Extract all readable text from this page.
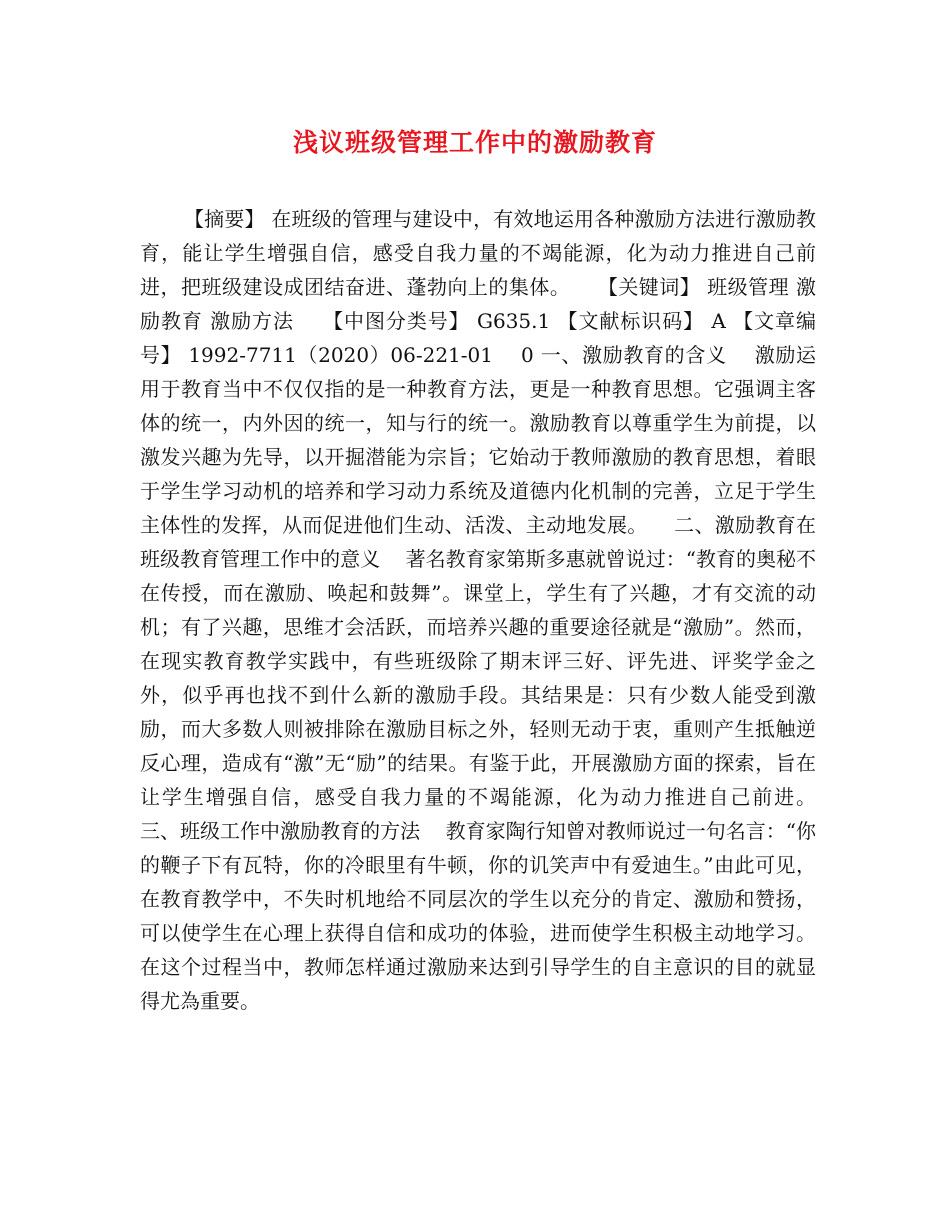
浅议班级管理工作中的激励教育

【摘要】 在班级的管理与建设中，有效地运用各种激励方法进行激励教育，能让学生增强自信，感受自我力量的不竭能源，化为动力推进自己前进，把班级建设成团结奋进、蓬勃向上的集体。    【关键词】 班级管理 激励教育 激励方法    【中图分类号】 G635.1 【文献标识码】 A 【文章编号】 1992-7711（2020）06-221-01    0 一、激励教育的含义    激励运用于教育当中不仅仅指的是一种教育方法，更是一种教育思想。它强调主客体的统一，内外因的统一，知与行的统一。激励教育以尊重学生为前提，以激发兴趣为先导，以开掘潜能为宗旨；它始动于教师激励的教育思想，着眼于学生学习动机的培养和学习动力系统及道德内化机制的完善，立足于学生主体性的发挥，从而促进他们生动、活泼、主动地发展。    二、激励教育在班级教育管理工作中的意义    著名教育家第斯多惠就曾说过：“教育的奥秘不在传授，而在激励、唤起和鼓舞”。课堂上，学生有了兴趣，才有交流的动机；有了兴趣，思维才会活跃，而培养兴趣的重要途径就是“激励”。然而，在现实教育教学实践中，有些班级除了期末评三好、评先进、评奖学金之外，似乎再也找不到什么新的激励手段。其结果是：只有少数人能受到激励，而大多数人则被排除在激励目标之外，轻则无动于衷，重则产生抵触逆反心理，造成有“激”无“励”的结果。有鉴于此，开展激励方面的探索，旨在让学生增强自信，感受自我力量的不竭能源，化为动力推进自己前进。    三、班级工作中激励教育的方法    教育家陶行知曾对教师说过一句名言：“你的鞭子下有瓦特，你的冷眼里有牛顿，你的讥笑声中有爱迪生。”由此可见，在教育教学中，不失时机地给不同层次的学生以充分的肯定、激励和赞扬，可以使学生在心理上获得自信和成功的体验，进而使学生积极主动地学习。在这个过程当中，教师怎样通过激励来达到引导学生的自主意识的目的就显得尤為重要。
